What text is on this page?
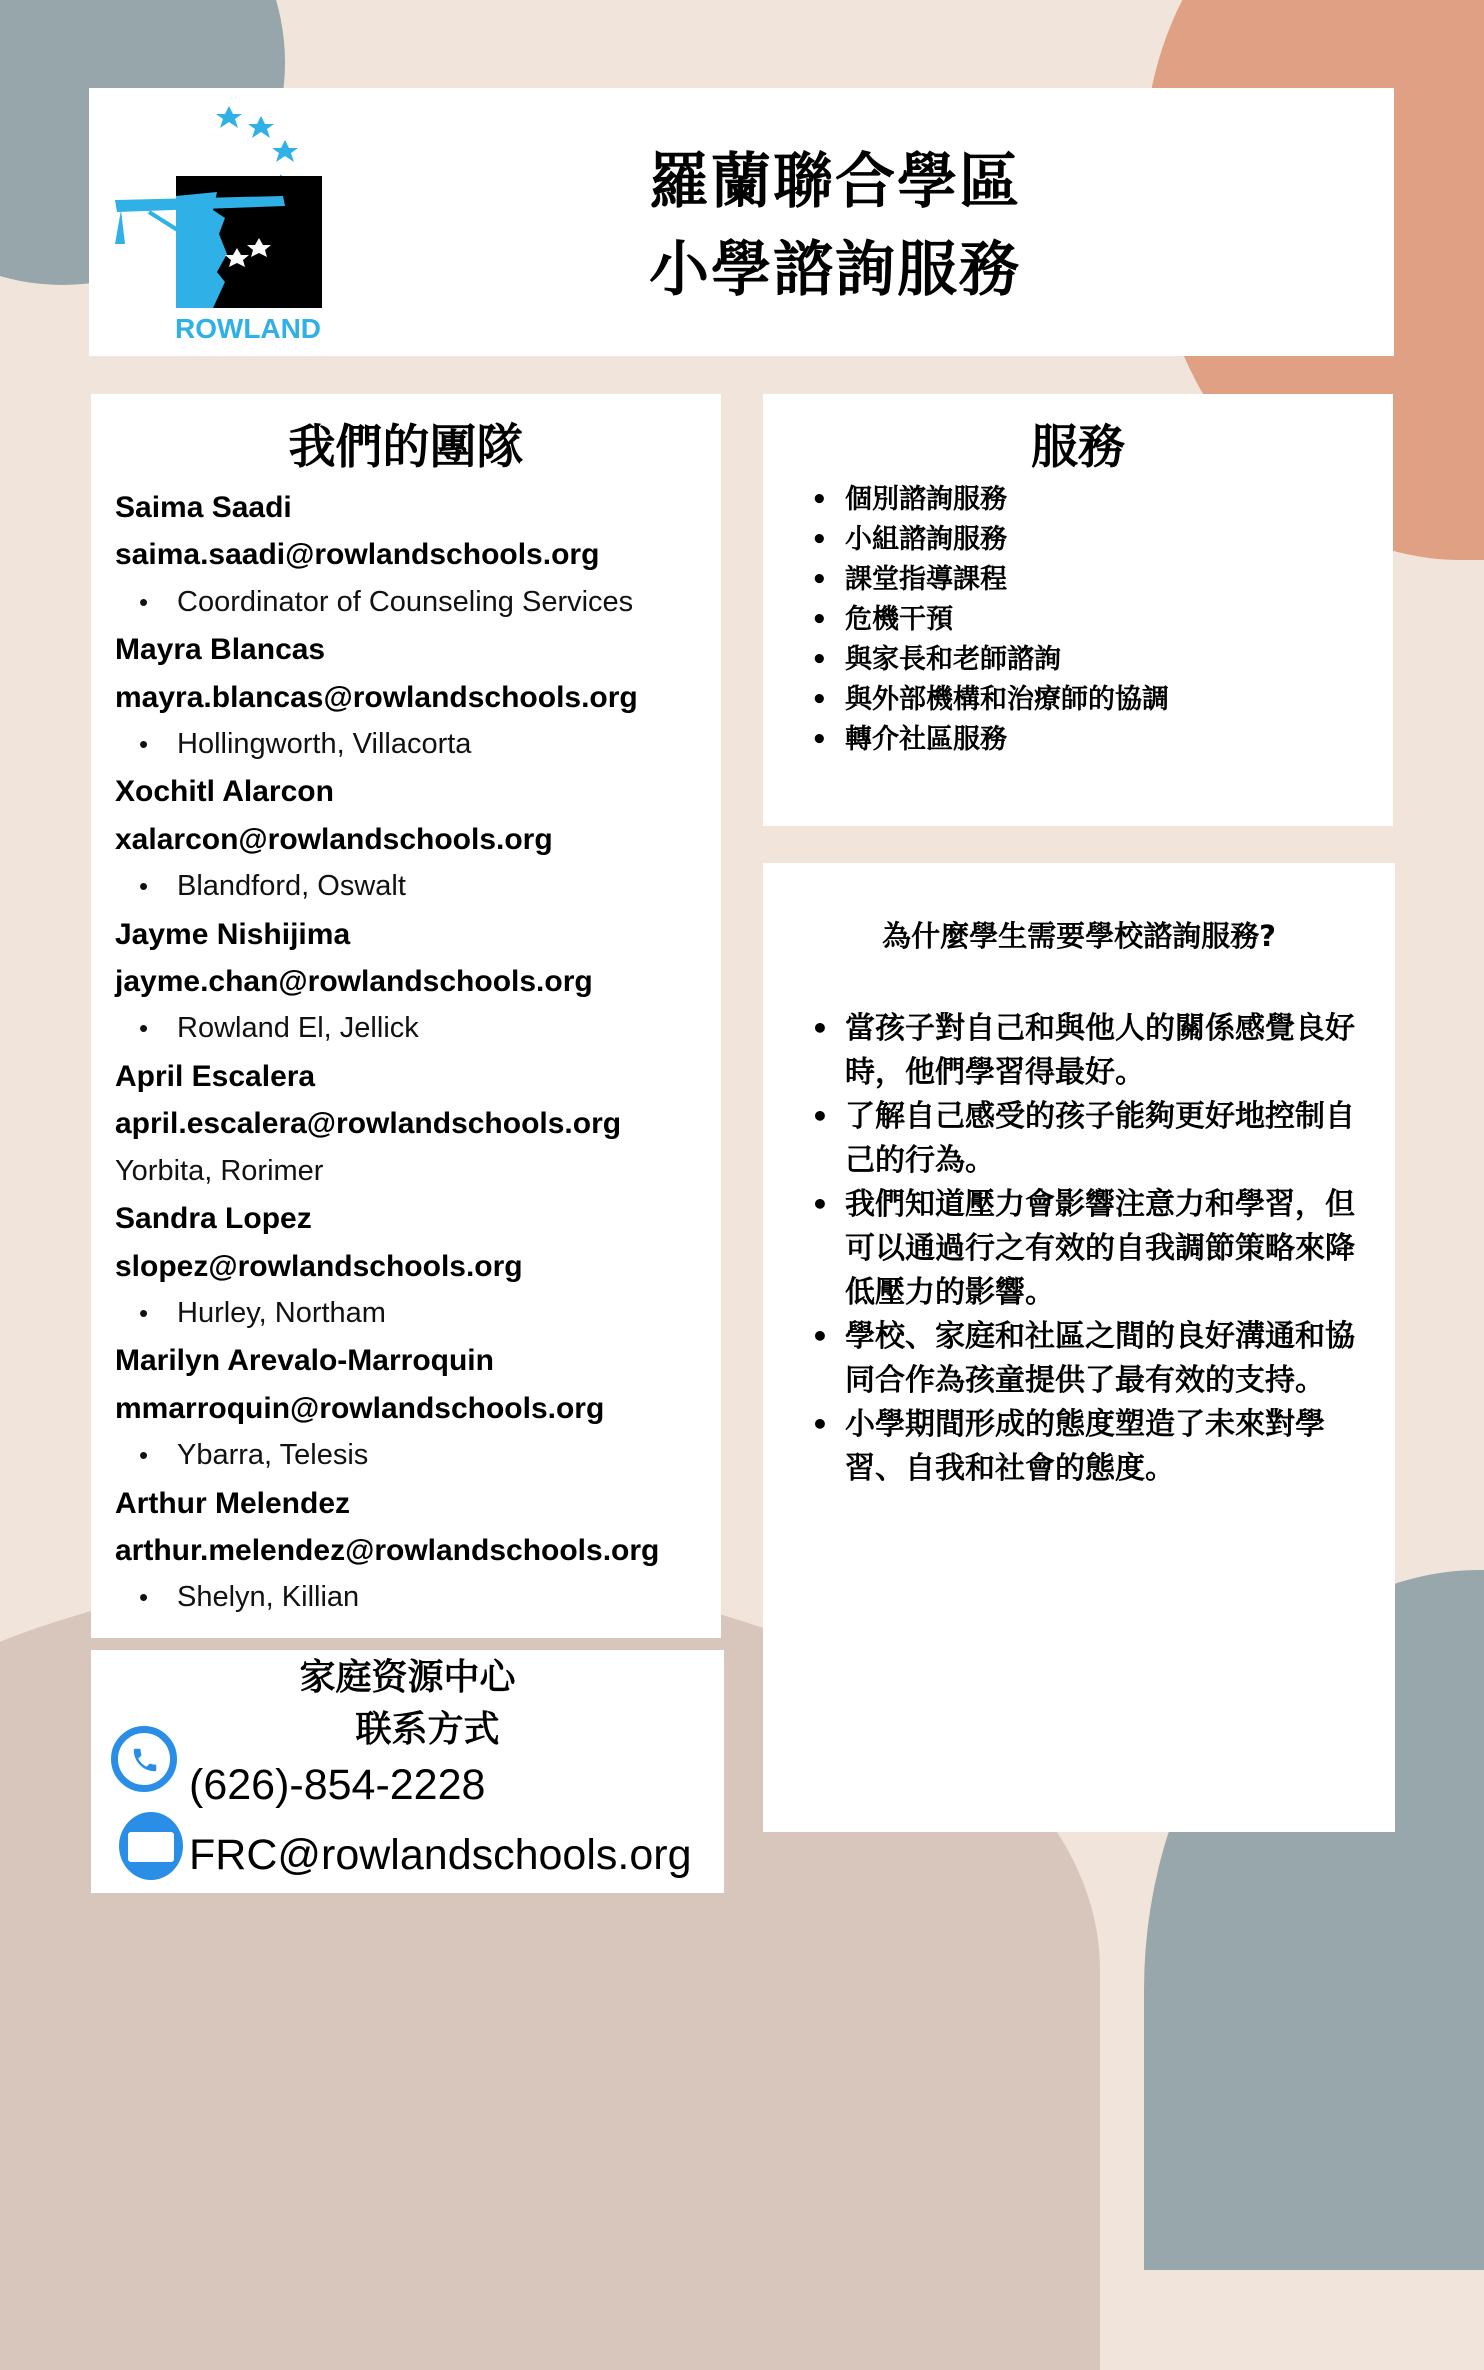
ROWLAND
羅蘭聯合學區
小學諮詢服務
我們的團隊
Saima Saadi
saima.saadi@rowlandschools.org
• Coordinator of Counseling Services
Mayra Blancas
mayra.blancas@rowlandschools.org
• Hollingworth, Villacorta
Xochitl Alarcon
xalarcon@rowlandschools.org
• Blandford, Oswalt
Jayme Nishijima
jayme.chan@rowlandschools.org
• Rowland El, Jellick
April Escalera
april.escalera@rowlandschools.org
Yorbita, Rorimer
Sandra Lopez
slopez@rowlandschools.org
• Hurley, Northam
Marilyn Arevalo-Marroquin
mmarroquin@rowlandschools.org
• Ybarra, Telesis
Arthur Melendez
arthur.melendez@rowlandschools.org
• Shelyn, Killian
家庭资源中心
联系方式
(626)-854-2228
FRC@rowlandschools.org
服務
• 個別諮詢服務
• 小組諮詢服務
• 課堂指導課程
• 危機干預
• 與家長和老師諮詢
• 與外部機構和治療師的協調
• 轉介社區服務
為什麼學生需要學校諮詢服務?
• 當孩子對自己和與他人的關係感覺良好時，他們學習得最好。
• 了解自己感受的孩子能夠更好地控制自己的行為。
• 我們知道壓力會影響注意力和學習，但可以通過行之有效的自我調節策略來降低壓力的影響。
• 學校、家庭和社區之間的良好溝通和協同合作為孩童提供了最有效的支持。
• 小學期間形成的態度塑造了未來對學習、自我和社會的態度。
